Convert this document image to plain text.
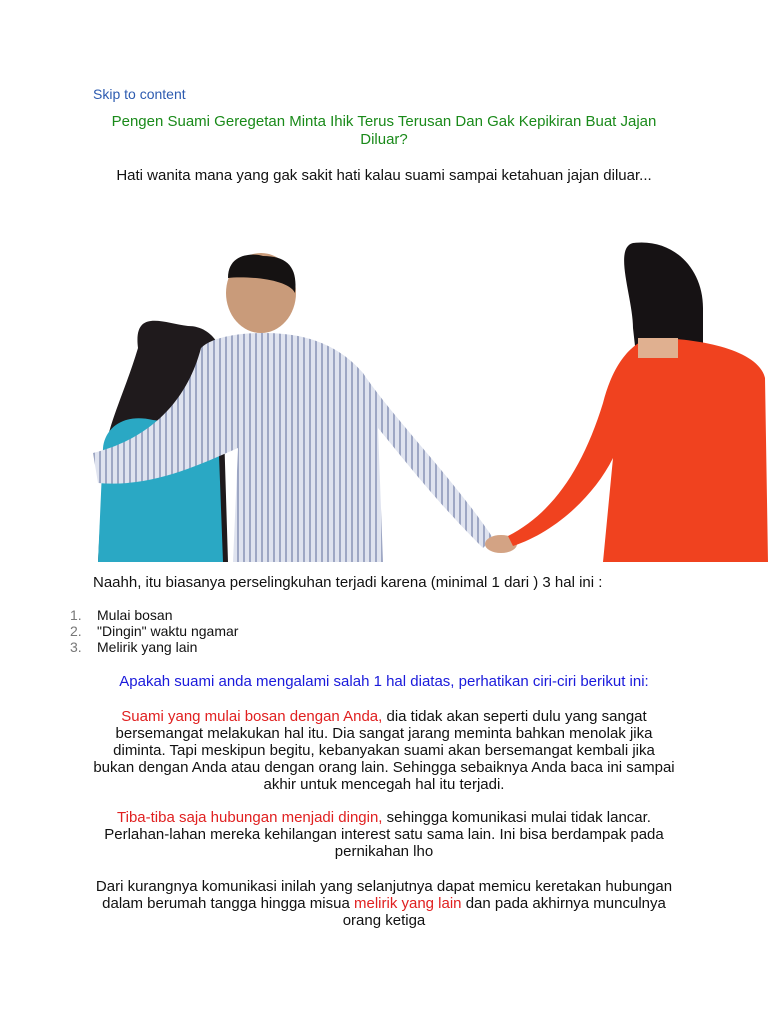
Skip to content
Pengen Suami Geregetan Minta Ihik Terus Terusan Dan Gak Kepikiran Buat Jajan Diluar?
Hati wanita mana yang gak sakit hati kalau suami sampai ketahuan jajan diluar...
Naahh, itu biasanya perselingkuhan terjadi karena (minimal 1 dari ) 3 hal ini :
1.	Mulai bosan
2.	"Dingin" waktu ngamar
3.	Melirik yang lain
Apakah suami anda mengalami salah 1 hal diatas, perhatikan ciri-ciri berikut ini:
Suami yang mulai bosan dengan Anda, dia tidak akan seperti dulu yang sangat bersemangat melakukan hal itu. Dia sangat jarang meminta bahkan menolak jika diminta. Tapi meskipun begitu, kebanyakan suami akan bersemangat kembali jika bukan dengan Anda atau dengan orang lain. Sehingga sebaiknya Anda baca ini sampai akhir untuk mencegah hal itu terjadi.
Tiba-tiba saja hubungan menjadi dingin, sehingga komunikasi mulai tidak lancar. Perlahan-lahan mereka kehilangan interest satu sama lain. Ini bisa berdampak pada pernikahan lho
Dari kurangnya komunikasi inilah yang selanjutnya dapat memicu keretakan hubungan dalam berumah tangga hingga misua melirik yang lain dan pada akhirnya munculnya orang ketiga
